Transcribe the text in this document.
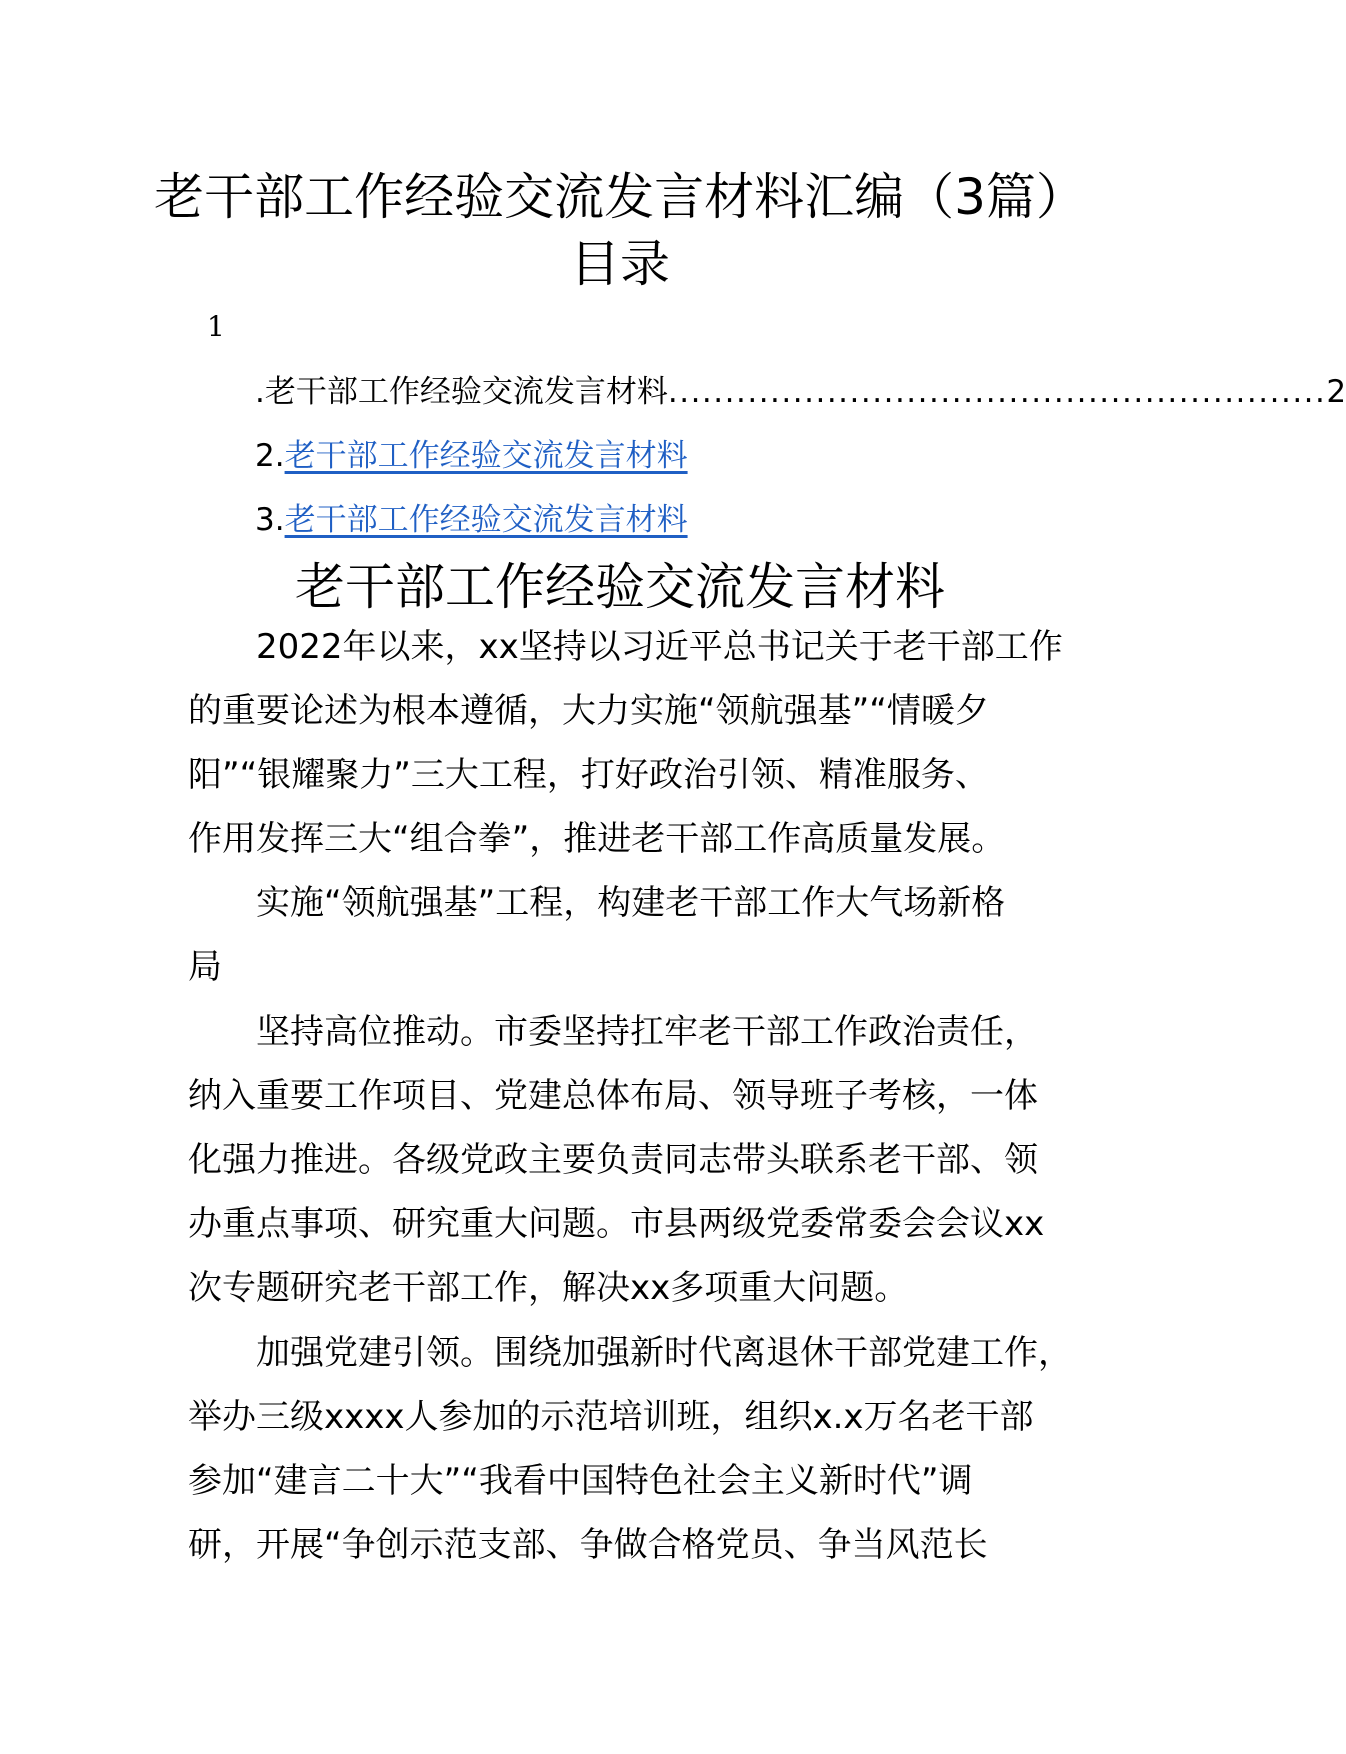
老干部工作经验交流发言材料汇编（3篇）
目录
1
.老干部工作经验交流发言材料 .......................................................... 2
2.老干部工作经验交流发言材料
3.老干部工作经验交流发言材料
老干部工作经验交流发言材料
2022年以来，xx坚持以习近平总书记关于老干部工作
的重要论述为根本遵循，大力实施“领航强基”“情暖夕
阳”“银耀聚力”三大工程，打好政治引领、精准服务、
作用发挥三大“组合拳”，推进老干部工作高质量发展。
实施“领航强基”工程，构建老干部工作大气场新格
局
坚持高位推动。市委坚持扛牢老干部工作政治责任，
纳入重要工作项目、党建总体布局、领导班子考核，一体
化强力推进。各级党政主要负责同志带头联系老干部、领
办重点事项、研究重大问题。市县两级党委常委会会议xx
次专题研究老干部工作，解决xx多项重大问题。
加强党建引领。围绕加强新时代离退休干部党建工作，
举办三级xxxx人参加的示范培训班，组织x.x万名老干部
参加“建言二十大”“我看中国特色社会主义新时代”调
研，开展“争创示范支部、争做合格党员、争当风范长
